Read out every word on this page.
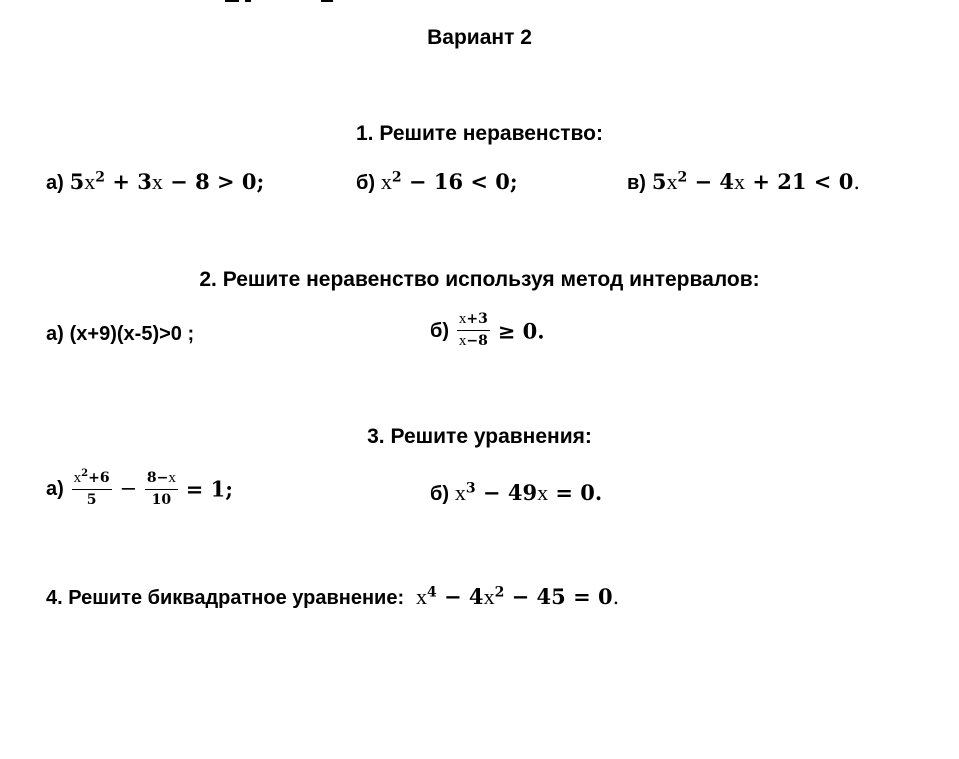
Вариант 2
1. Решите неравенство:
а) $5x^2 + 3x - 8 > 0$;	б) $x^2 - 16 < 0$;	в) $5x^2 - 4x + 21 < 0$.
2. Решите неравенство используя метод интервалов:
а) (x+9)(x-5)>0 ;	$б) \frac{x+3}{x-8} \ge 0$.
3. Решите уравнения:
$а) \frac{x^2+6}{5} - \frac{8-x}{10} = 1$;	б) $x^3 - 49x = 0$.
4. Решите биквадратное уравнение: $x^4 - 4x^2 - 45 = 0$.
